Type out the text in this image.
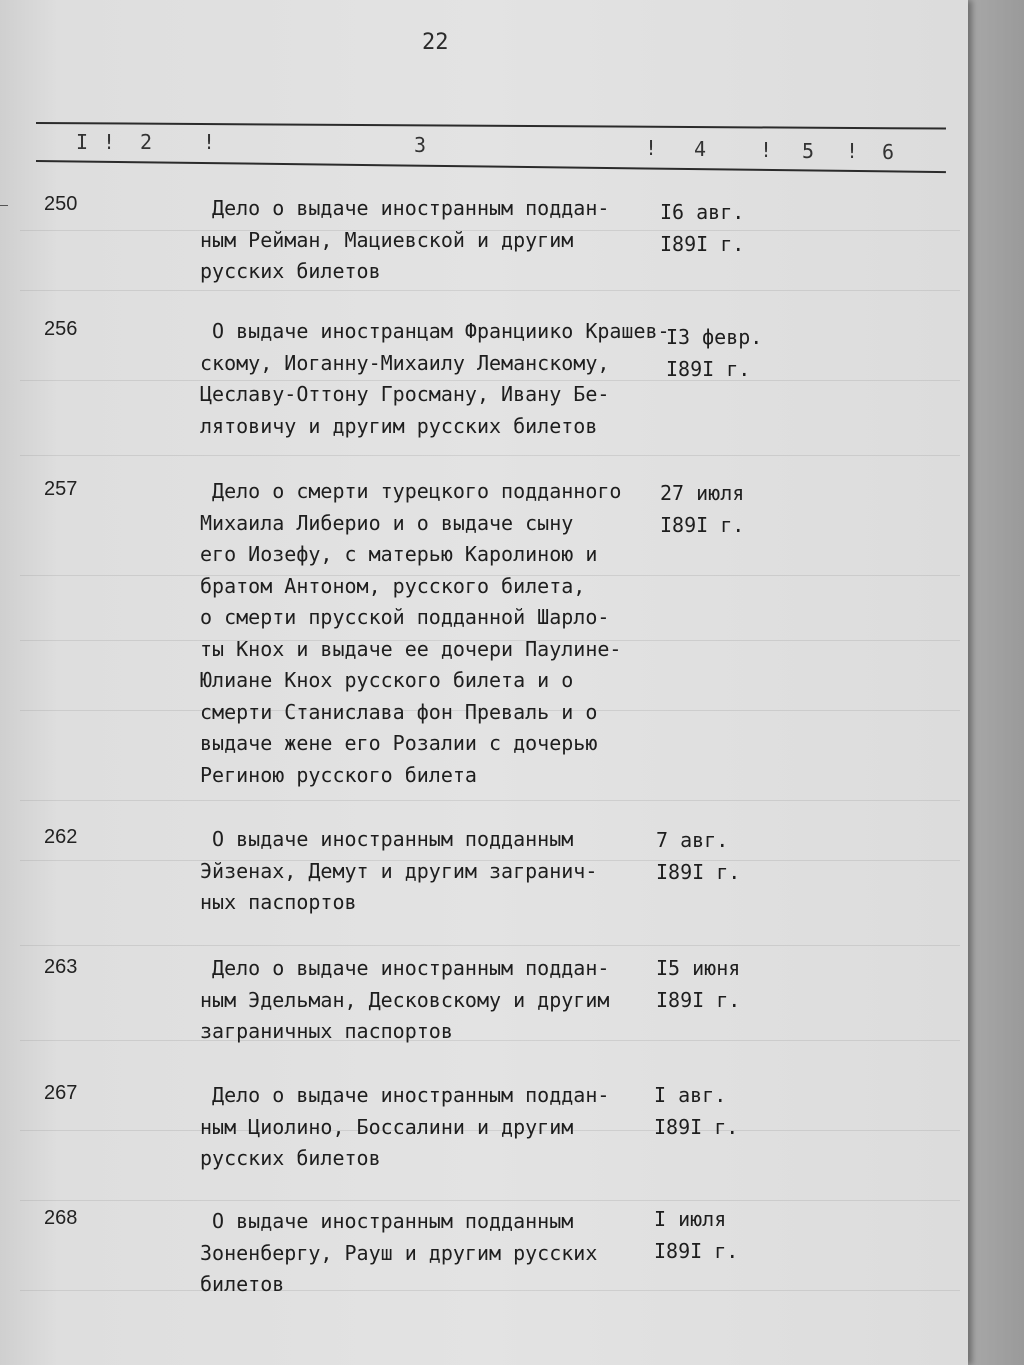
22
I ! 2	!	3	! 4	! 5 ! 6
250	Дело о выдаче иностранным поддан-
ным Рейман, Мациевской и другим
русских билетов
I6 авг.
I89I г.
256	О выдаче иностранцам Франциико Крашев-
скому, Иоганну-Михаилу Леманскому,
Цеславу-Оттону Гросману, Ивану Бе-
лятовичу и другим русских билетов
I3 февр.
I89I г.
257	Дело о смерти турецкого подданного
Михаила Либерио и о выдаче сыну
его Иозефу, с матерью Каролиною и
братом Антоном, русского билета,
о смерти прусской подданной Шарло-
ты Кнох и выдаче ее дочери Паулине-
Юлиане Кнох русского билета и о
смерти Станислава фон Преваль и о
выдаче жене его Розалии с дочерью
Региною русского билета
27 июля
I89I г.
262	О выдаче иностранным подданным
Эйзенах, Демут и другим загранич-
ных паспортов
7 авг.
I89I г.
263	Дело о выдаче иностранным поддан-
ным Эдельман, Десковскому и другим
заграничных паспортов
I5 июня
I89I г.
267	Дело о выдаче иностранным поддан-
ным Циолино, Боссалини и другим
русских билетов
I авг.
I89I г.
268	О выдаче иностранным подданным
Зоненбергу, Рауш и другим русских
билетов
I июля
I89I г.
